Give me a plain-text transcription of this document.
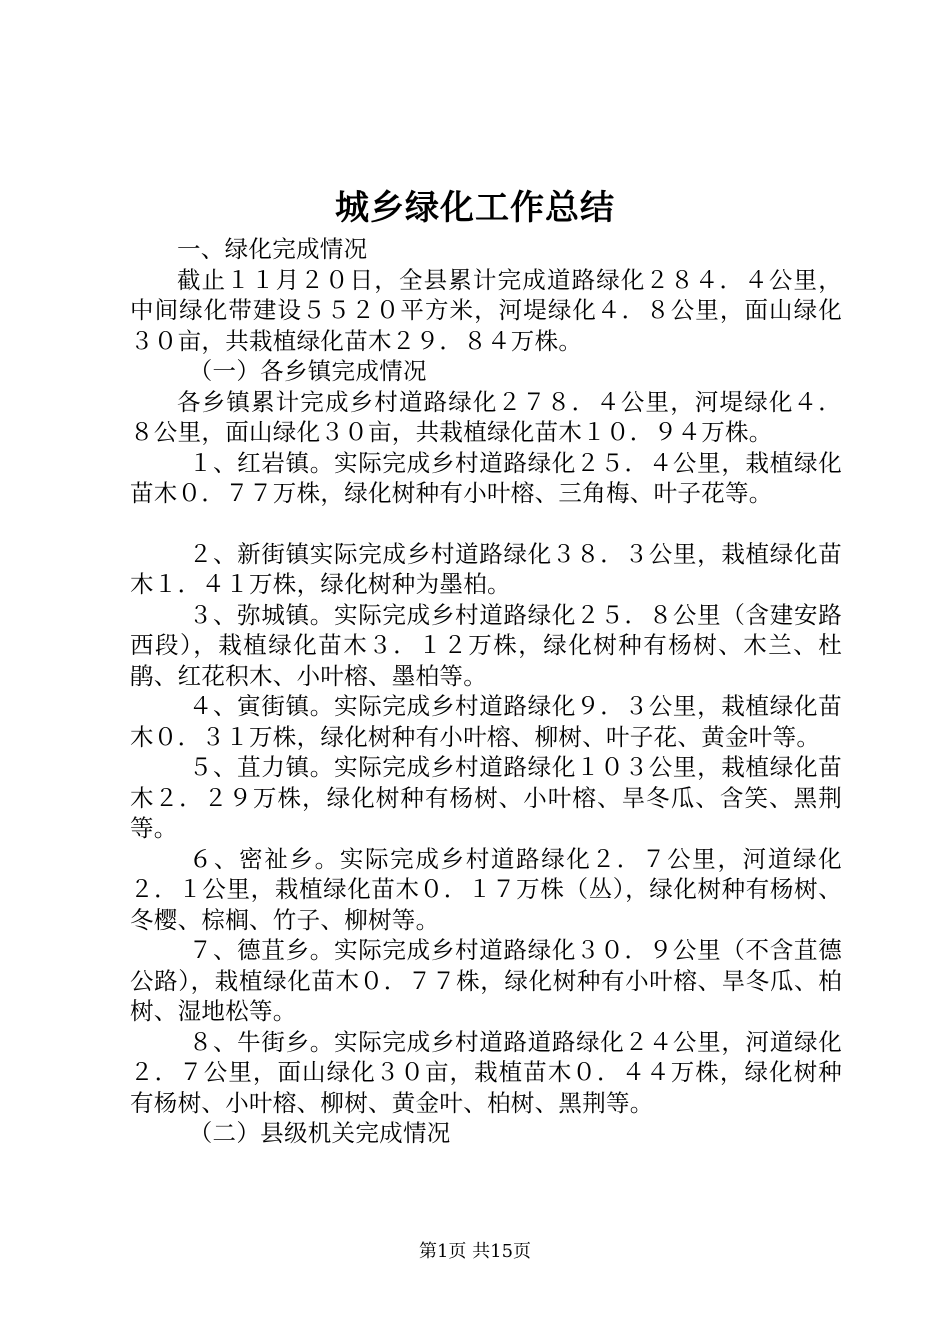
城乡绿化工作总结

一、绿化完成情况

截止１１月２０日，全县累计完成道路绿化２８４．４公里，中间绿化带建设５５２０平方米，河堤绿化４．８公里，面山绿化３０亩，共栽植绿化苗木２９．８４万株。

（一）各乡镇完成情况

各乡镇累计完成乡村道路绿化２７８．４公里，河堤绿化４．８公里，面山绿化３０亩，共栽植绿化苗木１０．９４万株。

１、红岩镇。实际完成乡村道路绿化２５．４公里，栽植绿化苗木０．７７万株，绿化树种有小叶榕、三角梅、叶子花等。

２、新街镇实际完成乡村道路绿化３８．３公里，栽植绿化苗木１．４１万株，绿化树种为墨柏。

３、弥城镇。实际完成乡村道路绿化２５．８公里（含建安路西段），栽植绿化苗木３．１２万株，绿化树种有杨树、木兰、杜鹃、红花积木、小叶榕、墨柏等。

４、寅街镇。实际完成乡村道路绿化９．３公里，栽植绿化苗木０．３１万株，绿化树种有小叶榕、柳树、叶子花、黄金叶等。

５、苴力镇。实际完成乡村道路绿化１０３公里，栽植绿化苗木２．２９万株，绿化树种有杨树、小叶榕、旱冬瓜、含笑、黑荆等。

６、密祉乡。实际完成乡村道路绿化２．７公里，河道绿化２．１公里，栽植绿化苗木０．１７万株（丛），绿化树种有杨树、冬樱、棕榈、竹子、柳树等。

７、德苴乡。实际完成乡村道路绿化３０．９公里（不含苴德公路），栽植绿化苗木０．７７株，绿化树种有小叶榕、旱冬瓜、柏树、湿地松等。

８、牛街乡。实际完成乡村道路道路绿化２４公里，河道绿化２．７公里，面山绿化３０亩，栽植苗木０．４４万株，绿化树种有杨树、小叶榕、柳树、黄金叶、柏树、黑荆等。

（二）县级机关完成情况

第1页 共15页
